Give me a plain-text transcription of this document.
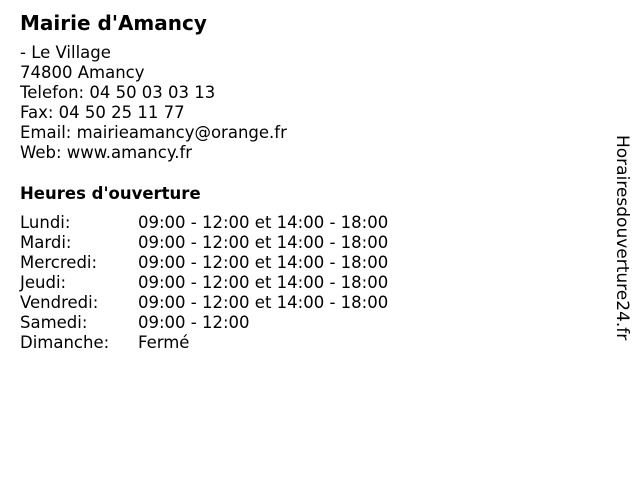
Mairie d'Amancy
- Le Village
74800 Amancy
Telefon: 04 50 03 03 13
Fax: 04 50 25 11 77
Email: mairieamancy@orange.fr
Web: www.amancy.fr
Heures d'ouverture
Lundi:	09:00 - 12:00 et 14:00 - 18:00
Mardi:	09:00 - 12:00 et 14:00 - 18:00
Mercredi:	09:00 - 12:00 et 14:00 - 18:00
Jeudi:	09:00 - 12:00 et 14:00 - 18:00
Vendredi:	09:00 - 12:00 et 14:00 - 18:00
Samedi:	09:00 - 12:00
Dimanche:	Fermé
Horairesdouverture24.fr
